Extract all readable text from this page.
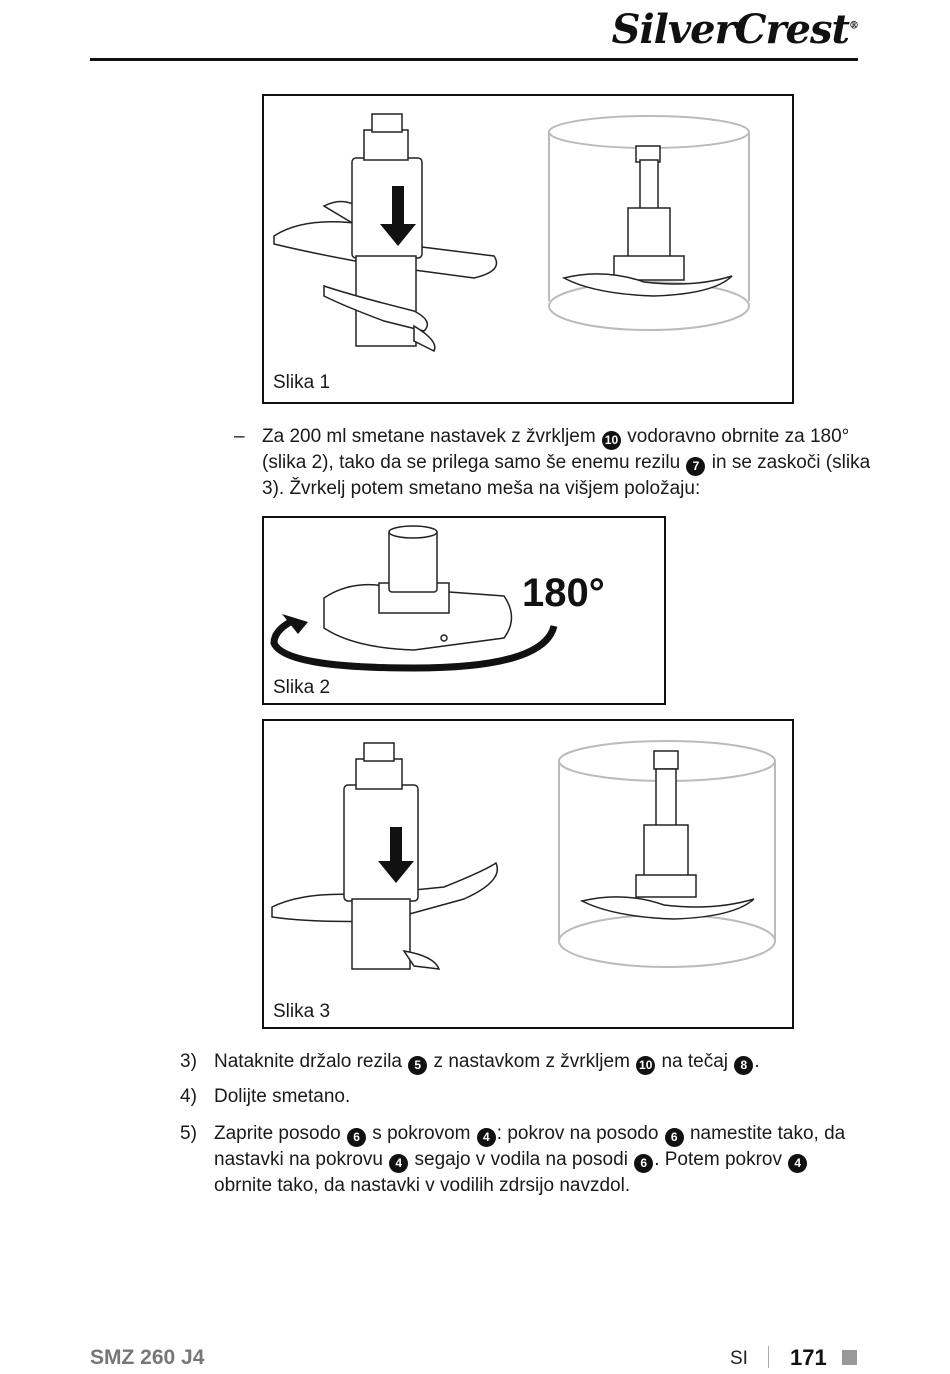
SilverCrest®
Slika 1
– Za 200 ml smetane nastavek z žvrkljem 10 vodoravno obrnite za 180° (slika 2), tako da se prilega samo še enemu rezilu 7 in se zaskoči (slika 3). Žvrkelj potem smetano meša na višjem položaju:
180°
Slika 2
Slika 3
3) Nataknite držalo rezila 5 z nastavkom z žvrkljem 10 na tečaj 8 .
4) Dolijte smetano.
5) Zaprite posodo 6 s pokrovom 4 : pokrov na posodo 6 namestite tako, da nastavki na pokrovu 4 segajo v vodila na posodi 6 . Potem pokrov 4 obrnite tako, da nastavki v vodilih zdrsijo navzdol.
SMZ 260 J4	SI 171
